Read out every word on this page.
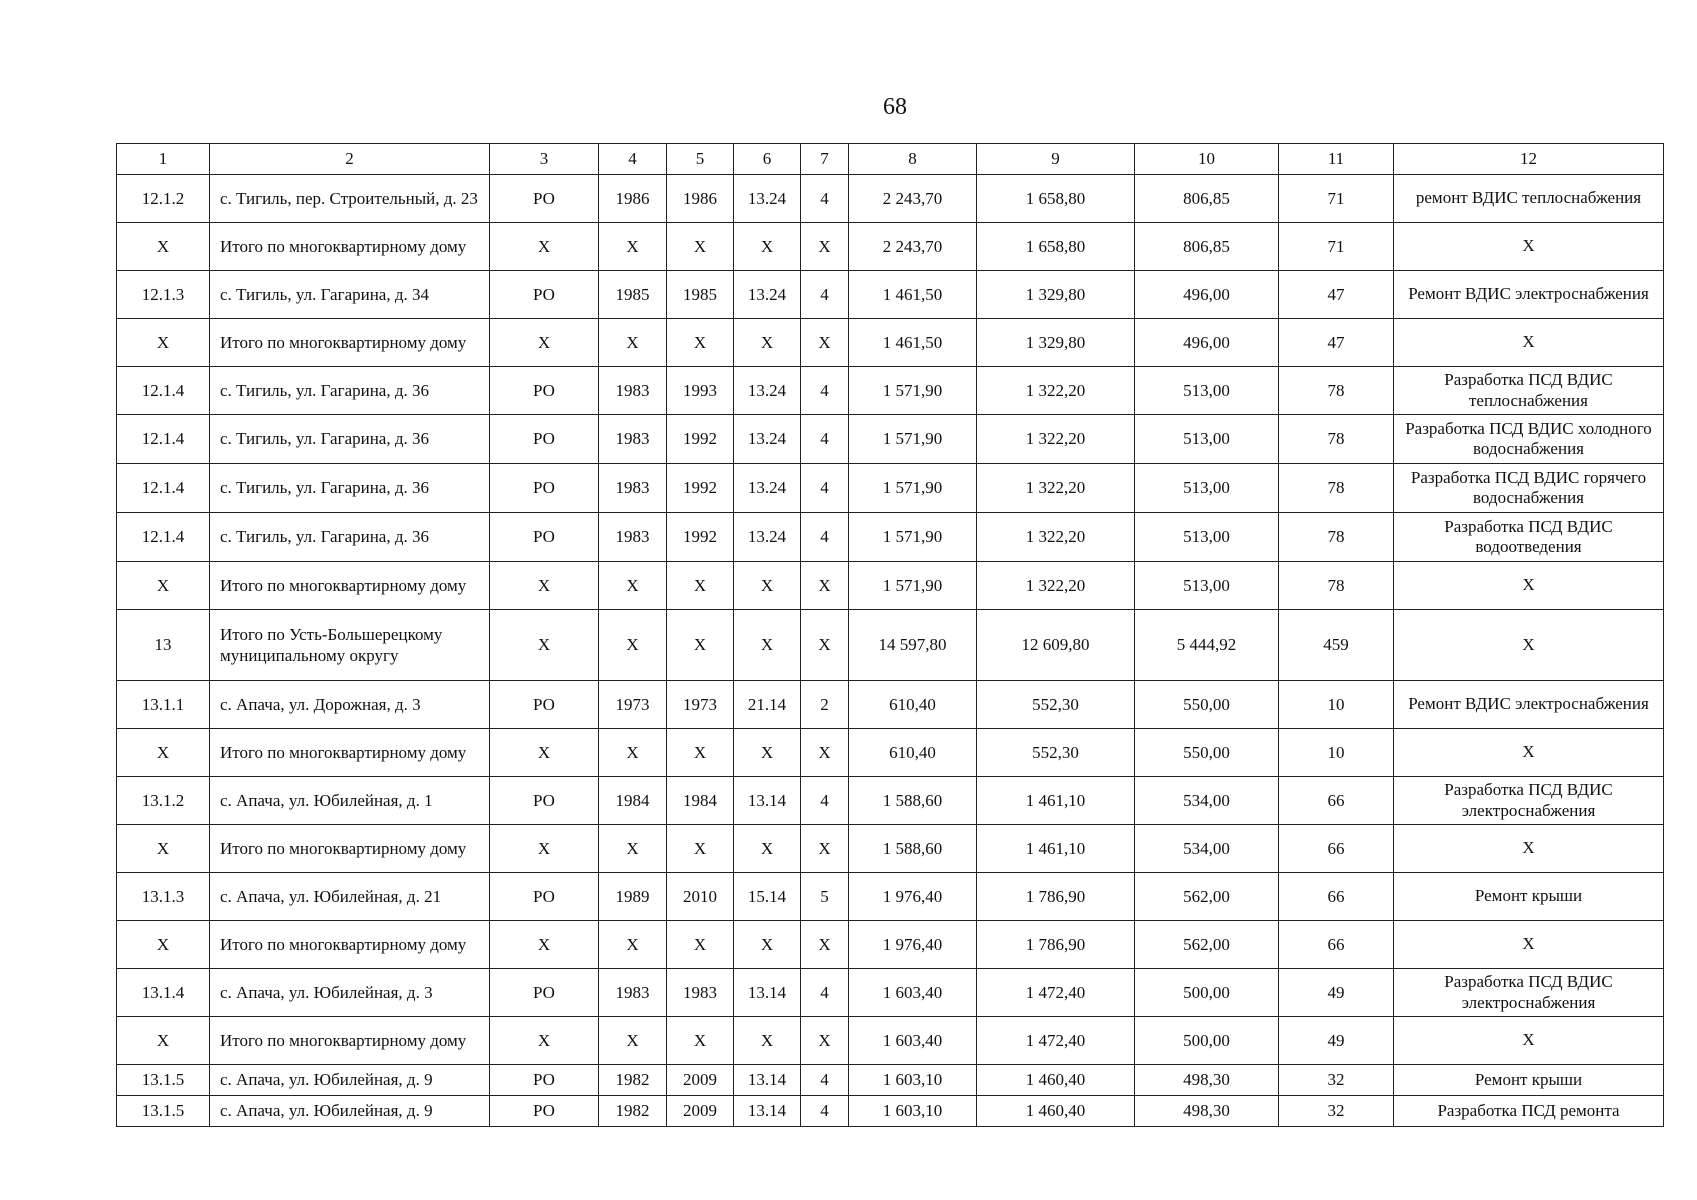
68
1	2	3	4	5	6	7	8	9	10	11	12
12.1.2	с. Тигиль, пер. Строительный, д. 23	РО	1986	1986	13.24	4	2 243,70	1 658,80	806,85	71	ремонт ВДИС теплоснабжения
Х	Итого по многоквартирному дому	Х	Х	Х	Х	Х	2 243,70	1 658,80	806,85	71	Х
12.1.3	с. Тигиль, ул. Гагарина, д. 34	РО	1985	1985	13.24	4	1 461,50	1 329,80	496,00	47	Ремонт ВДИС электроснабжения
Х	Итого по многоквартирному дому	Х	Х	Х	Х	Х	1 461,50	1 329,80	496,00	47	Х
12.1.4	с. Тигиль, ул. Гагарина, д. 36	РО	1983	1993	13.24	4	1 571,90	1 322,20	513,00	78	Разработка ПСД ВДИС теплоснабжения
12.1.4	с. Тигиль, ул. Гагарина, д. 36	РО	1983	1992	13.24	4	1 571,90	1 322,20	513,00	78	Разработка ПСД ВДИС холодного водоснабжения
12.1.4	с. Тигиль, ул. Гагарина, д. 36	РО	1983	1992	13.24	4	1 571,90	1 322,20	513,00	78	Разработка ПСД ВДИС горячего водоснабжения
12.1.4	с. Тигиль, ул. Гагарина, д. 36	РО	1983	1992	13.24	4	1 571,90	1 322,20	513,00	78	Разработка ПСД ВДИС водоотведения
Х	Итого по многоквартирному дому	Х	Х	Х	Х	Х	1 571,90	1 322,20	513,00	78	Х
13	Итого по Усть-Большерецкому муниципальному округу	Х	Х	Х	Х	Х	14 597,80	12 609,80	5 444,92	459	Х
13.1.1	с. Апача, ул. Дорожная, д. 3	РО	1973	1973	21.14	2	610,40	552,30	550,00	10	Ремонт ВДИС электроснабжения
Х	Итого по многоквартирному дому	Х	Х	Х	Х	Х	610,40	552,30	550,00	10	Х
13.1.2	с. Апача, ул. Юбилейная, д. 1	РО	1984	1984	13.14	4	1 588,60	1 461,10	534,00	66	Разработка ПСД ВДИС электроснабжения
Х	Итого по многоквартирному дому	Х	Х	Х	Х	Х	1 588,60	1 461,10	534,00	66	Х
13.1.3	с. Апача, ул. Юбилейная, д. 21	РО	1989	2010	15.14	5	1 976,40	1 786,90	562,00	66	Ремонт крыши
Х	Итого по многоквартирному дому	Х	Х	Х	Х	Х	1 976,40	1 786,90	562,00	66	Х
13.1.4	с. Апача, ул. Юбилейная, д. 3	РО	1983	1983	13.14	4	1 603,40	1 472,40	500,00	49	Разработка ПСД ВДИС электроснабжения
Х	Итого по многоквартирному дому	Х	Х	Х	Х	Х	1 603,40	1 472,40	500,00	49	Х
13.1.5	с. Апача, ул. Юбилейная, д. 9	РО	1982	2009	13.14	4	1 603,10	1 460,40	498,30	32	Ремонт крыши
13.1.5	с. Апача, ул. Юбилейная, д. 9	РО	1982	2009	13.14	4	1 603,10	1 460,40	498,30	32	Разработка ПСД ремонта
